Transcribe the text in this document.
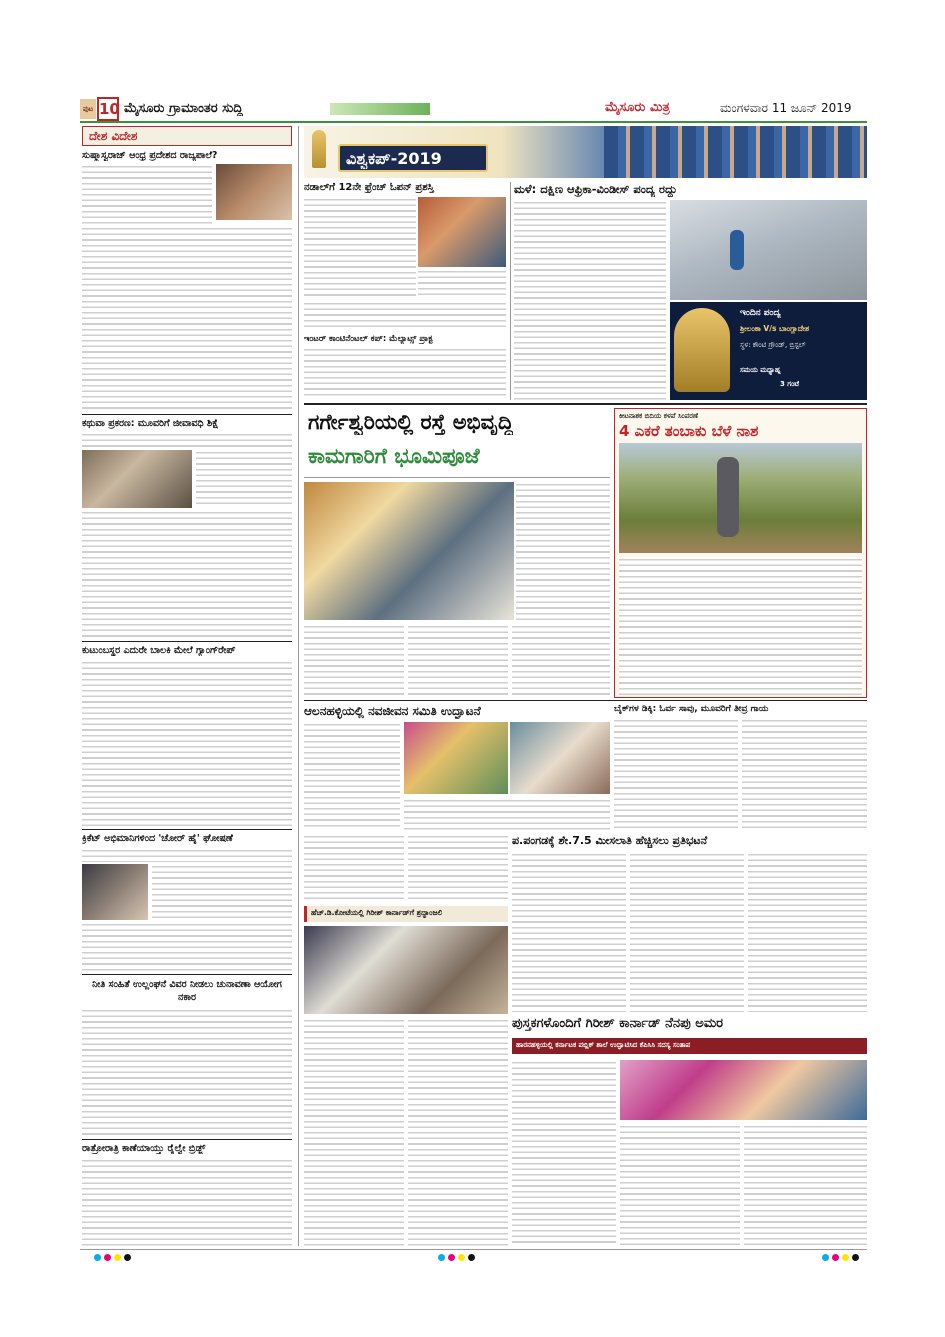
ಪುಟ 10 ಮೈಸೂರು ಗ್ರಾಮಾಂತರ ಸುದ್ದಿ	ಮೈಸೂರು ಮಿತ್ರ	ಮಂಗಳವಾರ 11 ಜೂನ್ 2019
ದೇಶ ವಿದೇಶ
ಸುಷ್ಮಾಸ್ವರಾಜ್ ಆಂಧ್ರ ಪ್ರದೇಶದ ರಾಜ್ಯಪಾಲೆ?
ಕಥುವಾ ಪ್ರಕರಣ: ಮೂವರಿಗೆ ಜೀವಾವಧಿ ಶಿಕ್ಷೆ
ಕುಟುಂಬಸ್ಥರ ಎದುರೇ ಬಾಲಕಿ ಮೇಲೆ ಗ್ಯಾಂಗ್‌ರೇಪ್
ಕ್ರಿಕೆಟ್ ಅಭಿಮಾನಿಗಳಿಂದ 'ಚೋರ್ ಹೈ' ಘೋಷಣೆ
ನೀತಿ ಸಂಹಿತೆ ಉಲ್ಲಂಘನೆ ವಿವರ ನೀಡಲು ಚುನಾವಣಾ ಆಯೋಗ ನಕಾರ
ರಾತ್ರೋರಾತ್ರಿ ಕಾಣೆಯಾಯ್ತು ರೈಲ್ವೇ ಬ್ರಿಡ್ಜ್
ವಿಶ್ವಕಪ್-2019
ನಡಾಲ್‌ಗೆ 12ನೇ ಫ್ರೆಂಚ್ ಓಪನ್ ಪ್ರಶಸ್ತಿ
ಇಂಟರ್ ಕಾಂಟಿನೆಂಟಲ್ ಕಪ್: ಮೆಲ್ಯಾಟ್ಸ್ ಪ್ರಾಕ್ಟ
ಮಳೆ: ದಕ್ಷಿಣ ಆಫ್ರಿಕಾ-ವಿಂಡೀಸ್ ಪಂದ್ಯ ರದ್ದು
ಇಂದಿನ ಪಂದ್ಯ
ಶ್ರೀಲಂಕಾ V/s ಬಾಂಗ್ಲಾದೇಶ
ಸ್ಥಳ: ಕೌಂಟಿ ಗ್ರೌಂಡ್, ಬ್ರಿಸ್ಟಲ್
ಸಮಯ ಮಧ್ಯಾಹ್ನ
3 ಗಂಟೆ
ಗರ್ಗೇಶ್ವರಿಯಲ್ಲಿ ರಸ್ತೆ ಅಭಿವೃದ್ಧಿ
ಕಾಮಗಾರಿಗೆ ಭೂಮಿಪೂಜೆ
ಕೀಟನಾಶಕ ಬಿದಿಯ ಕಳಪೆ ಸಿಂಪರಣೆ
4 ಎಕರೆ ತಂಬಾಕು ಬೆಳೆ ನಾಶ
ಆಲನಹಳ್ಳಿಯಲ್ಲಿ ನವಜೀವನ ಸಮಿತಿ ಉದ್ಘಾಟನೆ	ಬೈಕ್‌ಗಳ ಡಿಕ್ಕಿ: ಓರ್ವ ಸಾವು, ಮೂವರಿಗೆ ತೀವ್ರ ಗಾಯ
ಪ.ಪಂಗಡಕ್ಕೆ ಶೇ.7.5 ಮೀಸಲಾತಿ ಹೆಚ್ಚಿಸಲು ಪ್ರತಿಭಟನೆ
ಹೆಚ್.ಡಿ.ಕೋಟೆಯಲ್ಲಿ ಗಿರೀಶ್ ಕಾರ್ನಾಡ್‌ಗೆ ಶ್ರದ್ಧಾಂಜಲಿ
ಪುಸ್ತಕಗಳೊಂದಿಗೆ ಗಿರೀಶ್ ಕಾರ್ನಾಡ್ ನೆನಪು ಅಮರ
ಹಾರನಹಳ್ಳಿಯಲ್ಲಿ ಕರ್ನಾಟಕ ಪಬ್ಲಿಕ್ ಶಾಲೆ ಉದ್ಘಾಟಿಸಿದ ಕೆಪಿಸಿಸಿ ಸದಸ್ಯ ಸಂತಾಪ
